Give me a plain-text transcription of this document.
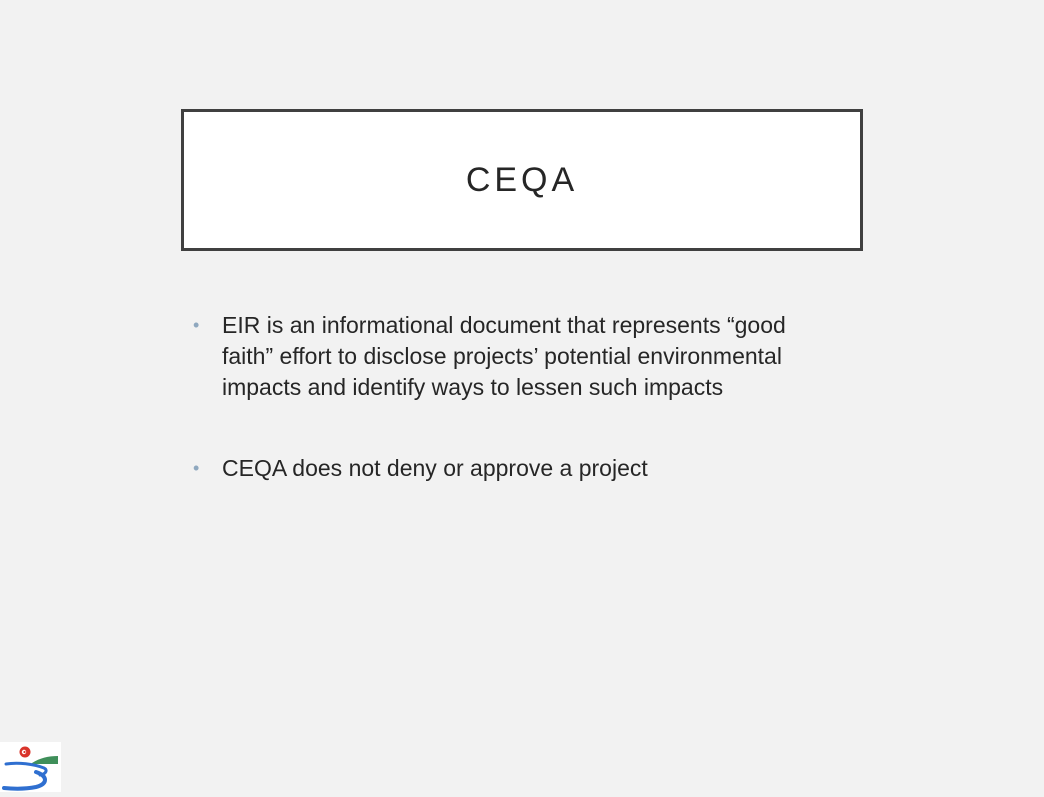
CEQA
• EIR is an informational document that represents “good faith” effort to disclose projects’ potential environmental impacts and identify ways to lessen such impacts
• CEQA does not deny or approve a project
